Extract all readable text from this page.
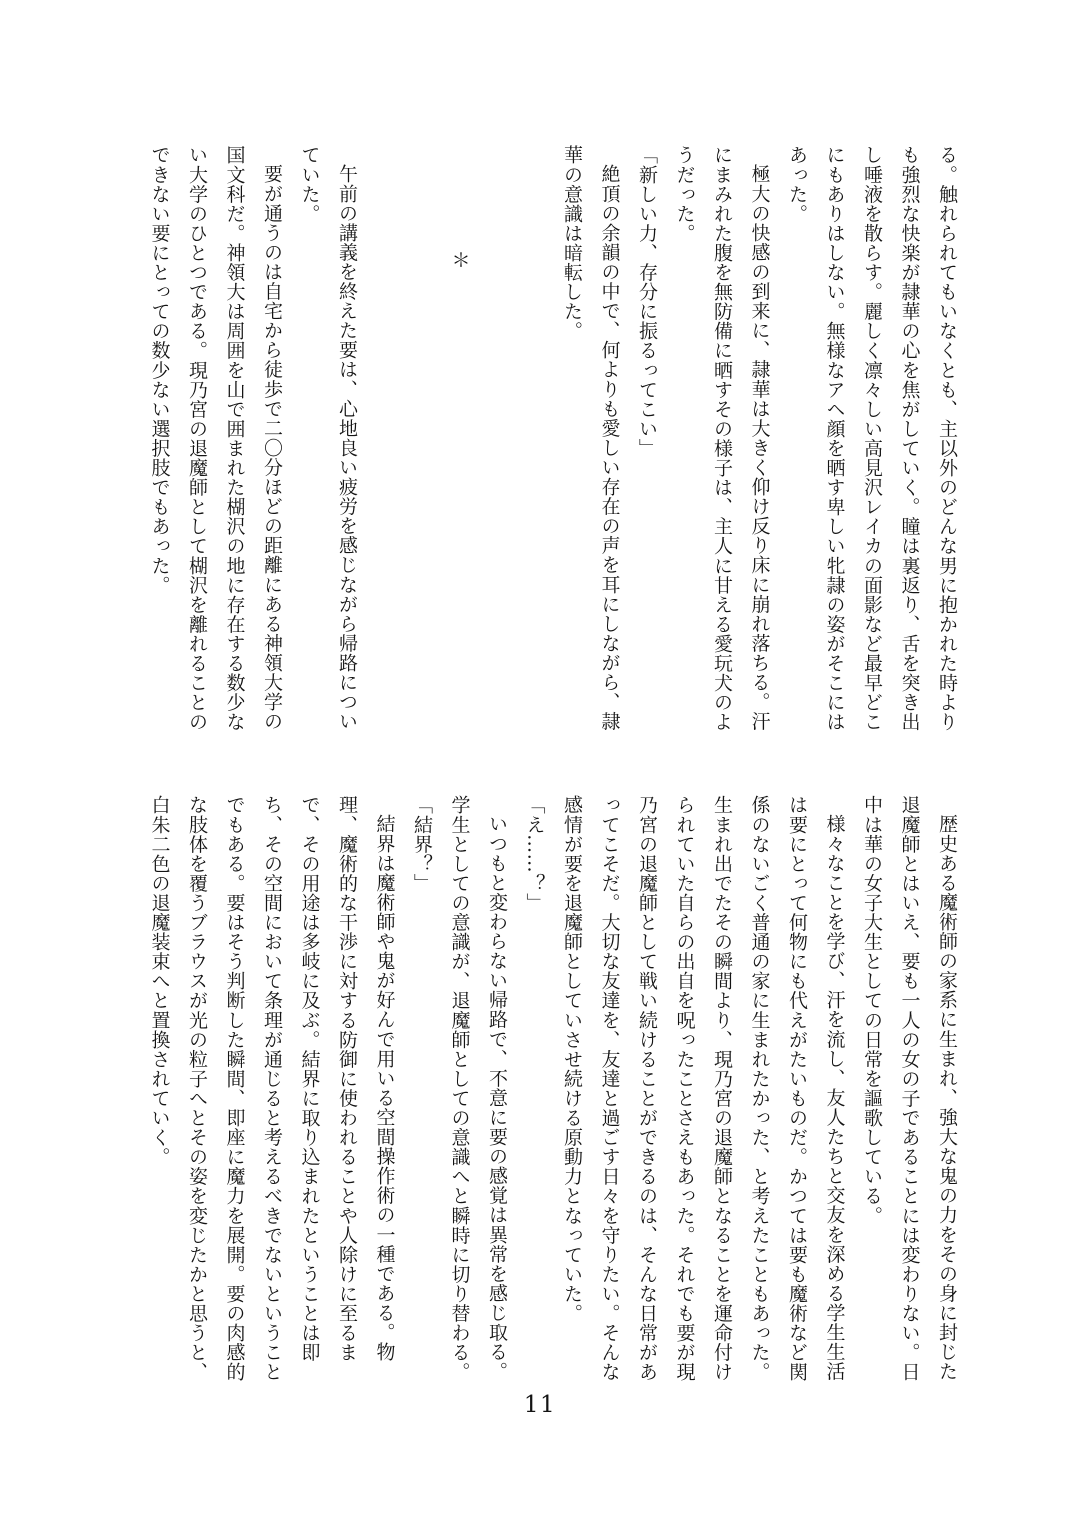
る。触れられてもいなくとも、主以外のどんな男に抱かれた時より
も強烈な快楽が隷華の心を焦がしていく。瞳は裏返り、舌を突き出
し唾液を散らす。麗しく凛々しい高見沢レイカの面影など最早どこ
にもありはしない。無様なアヘ顔を晒す卑しい牝隷の姿がそこには
あった。
極大の快感の到来に、隷華は大きく仰け反り床に崩れ落ちる。汗
にまみれた腹を無防備に晒すその様子は、主人に甘える愛玩犬のよ
うだった。
「新しい力、存分に振るってこい」
絶頂の余韻の中で、何よりも愛しい存在の声を耳にしながら、隷
華の意識は暗転した。
＊
午前の講義を終えた要は、心地良い疲労を感じながら帰路につい
ていた。
要が通うのは自宅から徒歩で二〇分ほどの距離にある神領大学の
国文科だ。神領大は周囲を山で囲まれた楜沢の地に存在する数少な
い大学のひとつである。現乃宮の退魔師として楜沢を離れることの
できない要にとっての数少ない選択肢でもあった。
歴史ある魔術師の家系に生まれ、強大な鬼の力をその身に封じた
退魔師とはいえ、要も一人の女の子であることには変わりない。日
中は華の女子大生としての日常を謳歌している。
様々なことを学び、汗を流し、友人たちと交友を深める学生生活
は要にとって何物にも代えがたいものだ。かつては要も魔術など関
係のないごく普通の家に生まれたかった、と考えたこともあった。
生まれ出でたその瞬間より、現乃宮の退魔師となることを運命付け
られていた自らの出自を呪ったことさえもあった。それでも要が現
乃宮の退魔師として戦い続けることができるのは、そんな日常があ
ってこそだ。大切な友達を、友達と過ごす日々を守りたい。そんな
感情が要を退魔師としていさせ続ける原動力となっていた。
「え……？」
いつもと変わらない帰路で、不意に要の感覚は異常を感じ取る。
学生としての意識が、退魔師としての意識へと瞬時に切り替わる。
「結界？」
結界は魔術師や鬼が好んで用いる空間操作術の一種である。物
理、魔術的な干渉に対する防御に使われることや人除けに至るま
で、その用途は多岐に及ぶ。結界に取り込まれたということは即
ち、その空間において条理が通じると考えるべきでないということ
でもある。要はそう判断した瞬間、即座に魔力を展開。要の肉感的
な肢体を覆うブラウスが光の粒子へとその姿を変じたかと思うと、
白朱二色の退魔装束へと置換されていく。
11
